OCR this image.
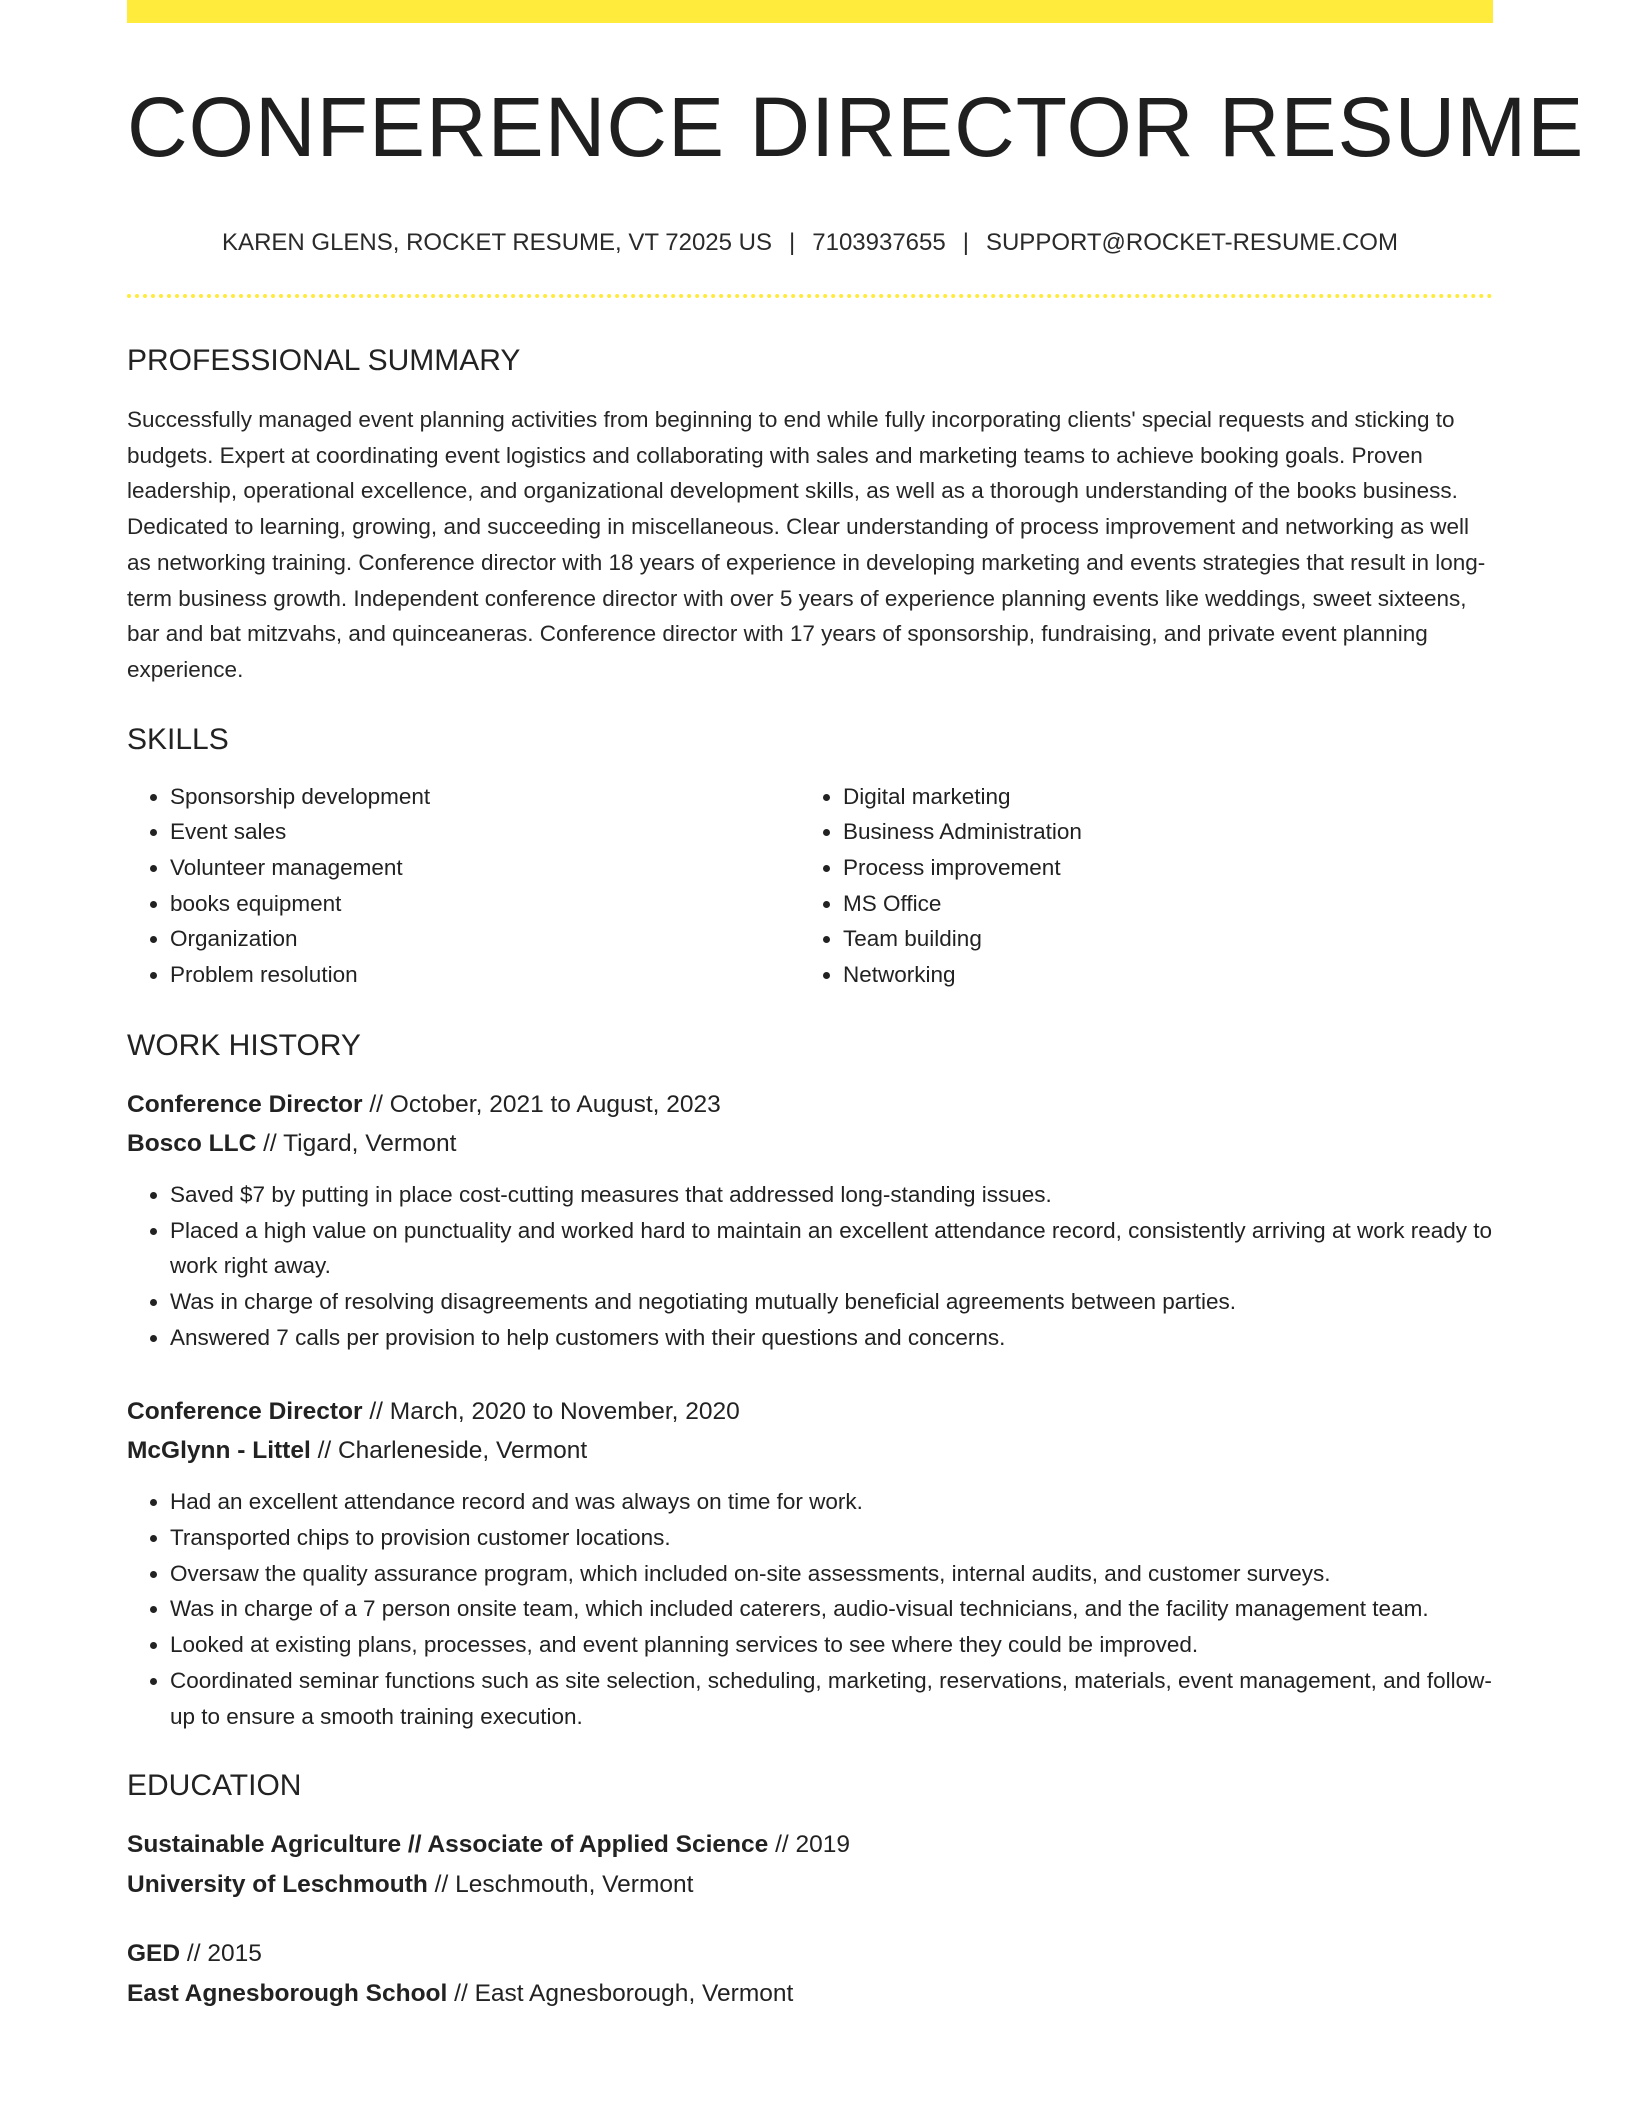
CONFERENCE DIRECTOR RESUME
KAREN GLENS, ROCKET RESUME, VT 72025 US | 7103937655 | SUPPORT@ROCKET-RESUME.COM
PROFESSIONAL SUMMARY

Successfully managed event planning activities from beginning to end while fully incorporating clients' special requests and sticking to budgets. Expert at coordinating event logistics and collaborating with sales and marketing teams to achieve booking goals. Proven leadership, operational excellence, and organizational development skills, as well as a thorough understanding of the books business. Dedicated to learning, growing, and succeeding in miscellaneous. Clear understanding of process improvement and networking as well as networking training. Conference director with 18 years of experience in developing marketing and events strategies that result in long-term business growth. Independent conference director with over 5 years of experience planning events like weddings, sweet sixteens, bar and bat mitzvahs, and quinceaneras. Conference director with 17 years of sponsorship, fundraising, and private event planning experience.

SKILLS
• Sponsorship development
• Event sales
• Volunteer management
• books equipment
• Organization
• Problem resolution
• Digital marketing
• Business Administration
• Process improvement
• MS Office
• Team building
• Networking
WORK HISTORY
Conference Director // October, 2021 to August, 2023
Bosco LLC // Tigard, Vermont
• Saved $7 by putting in place cost-cutting measures that addressed long-standing issues.
• Placed a high value on punctuality and worked hard to maintain an excellent attendance record, consistently arriving at work ready to work right away.
• Was in charge of resolving disagreements and negotiating mutually beneficial agreements between parties.
• Answered 7 calls per provision to help customers with their questions and concerns.
Conference Director // March, 2020 to November, 2020
McGlynn - Littel // Charleneside, Vermont
• Had an excellent attendance record and was always on time for work.
• Transported chips to provision customer locations.
• Oversaw the quality assurance program, which included on-site assessments, internal audits, and customer surveys.
• Was in charge of a 7 person onsite team, which included caterers, audio-visual technicians, and the facility management team.
• Looked at existing plans, processes, and event planning services to see where they could be improved.
• Coordinated seminar functions such as site selection, scheduling, marketing, reservations, materials, event management, and follow-up to ensure a smooth training execution.
EDUCATION
Sustainable Agriculture // Associate of Applied Science // 2019
University of Leschmouth // Leschmouth, Vermont
GED // 2015
East Agnesborough School // East Agnesborough, Vermont
